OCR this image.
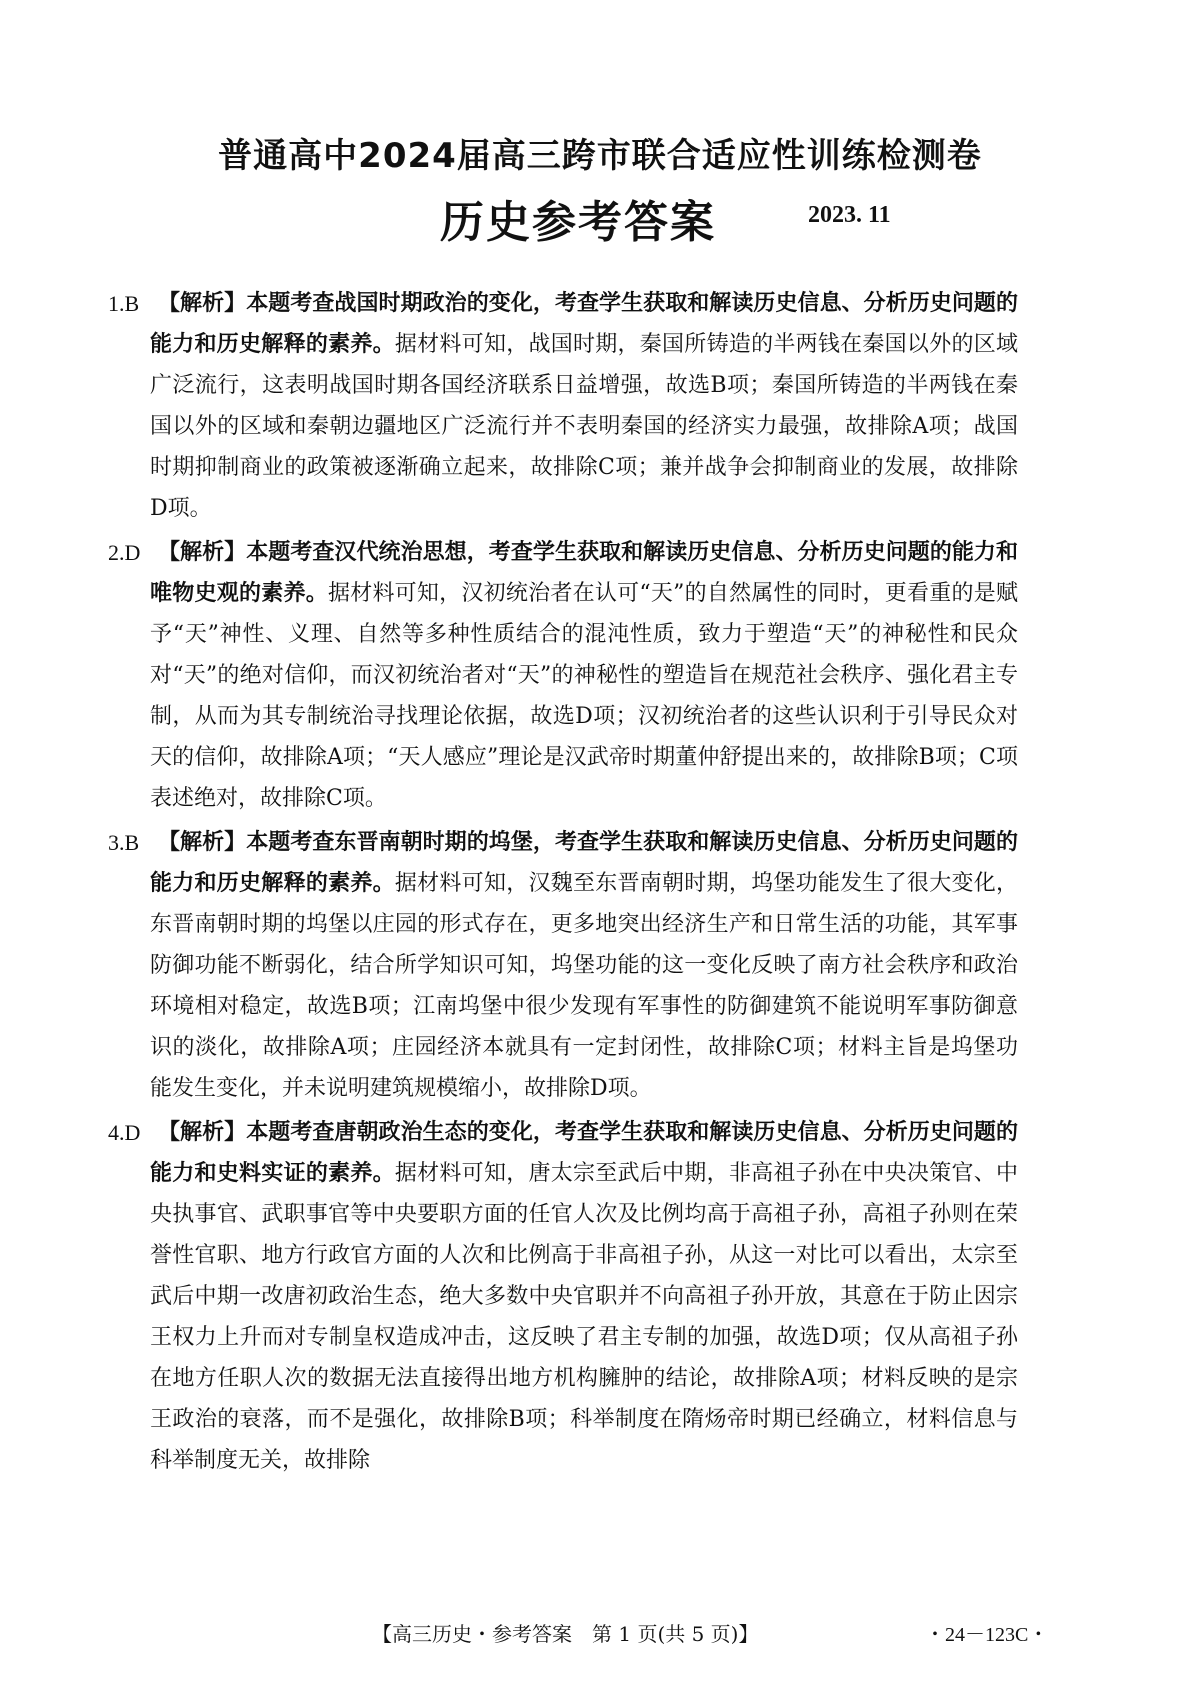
普通高中2024届高三跨市联合适应性训练检测卷
历史参考答案	2023. 11
1.B 【解析】本题考查战国时期政治的变化，考查学生获取和解读历史信息、分析历史问题的能力和历史解释的素养。据材料可知，战国时期，秦国所铸造的半两钱在秦国以外的区域广泛流行，这表明战国时期各国经济联系日益增强，故选B项；秦国所铸造的半两钱在秦国以外的区域和秦朝边疆地区广泛流行并不表明秦国的经济实力最强，故排除A项；战国时期抑制商业的政策被逐渐确立起来，故排除C项；兼并战争会抑制商业的发展，故排除D项。
2.D 【解析】本题考查汉代统治思想，考查学生获取和解读历史信息、分析历史问题的能力和唯物史观的素养。据材料可知，汉初统治者在认可“天”的自然属性的同时，更看重的是赋予“天”神性、义理、自然等多种性质结合的混沌性质，致力于塑造“天”的神秘性和民众对“天”的绝对信仰，而汉初统治者对“天”的神秘性的塑造旨在规范社会秩序、强化君主专制，从而为其专制统治寻找理论依据，故选D项；汉初统治者的这些认识利于引导民众对天的信仰，故排除A项；“天人感应”理论是汉武帝时期董仲舒提出来的，故排除B项；C项表述绝对，故排除C项。
3.B 【解析】本题考查东晋南朝时期的坞堡，考查学生获取和解读历史信息、分析历史问题的能力和历史解释的素养。据材料可知，汉魏至东晋南朝时期，坞堡功能发生了很大变化，东晋南朝时期的坞堡以庄园的形式存在，更多地突出经济生产和日常生活的功能，其军事防御功能不断弱化，结合所学知识可知，坞堡功能的这一变化反映了南方社会秩序和政治环境相对稳定，故选B项；江南坞堡中很少发现有军事性的防御建筑不能说明军事防御意识的淡化，故排除A项；庄园经济本就具有一定封闭性，故排除C项；材料主旨是坞堡功能发生变化，并未说明建筑规模缩小，故排除D项。
4.D 【解析】本题考查唐朝政治生态的变化，考查学生获取和解读历史信息、分析历史问题的能力和史料实证的素养。据材料可知，唐太宗至武后中期，非高祖子孙在中央决策官、中央执事官、武职事官等中央要职方面的任官人次及比例均高于高祖子孙，高祖子孙则在荣誉性官职、地方行政官方面的人次和比例高于非高祖子孙，从这一对比可以看出，太宗至武后中期一改唐初政治生态，绝大多数中央官职并不向高祖子孙开放，其意在于防止因宗王权力上升而对专制皇权造成冲击，这反映了君主专制的加强，故选D项；仅从高祖子孙在地方任职人次的数据无法直接得出地方机构臃肿的结论，故排除A项；材料反映的是宗王政治的衰落，而不是强化，故排除B项；科举制度在隋炀帝时期已经确立，材料信息与科举制度无关，故排除
【高三历史・参考答案　第 1 页(共 5 页)】	・24－123C・
